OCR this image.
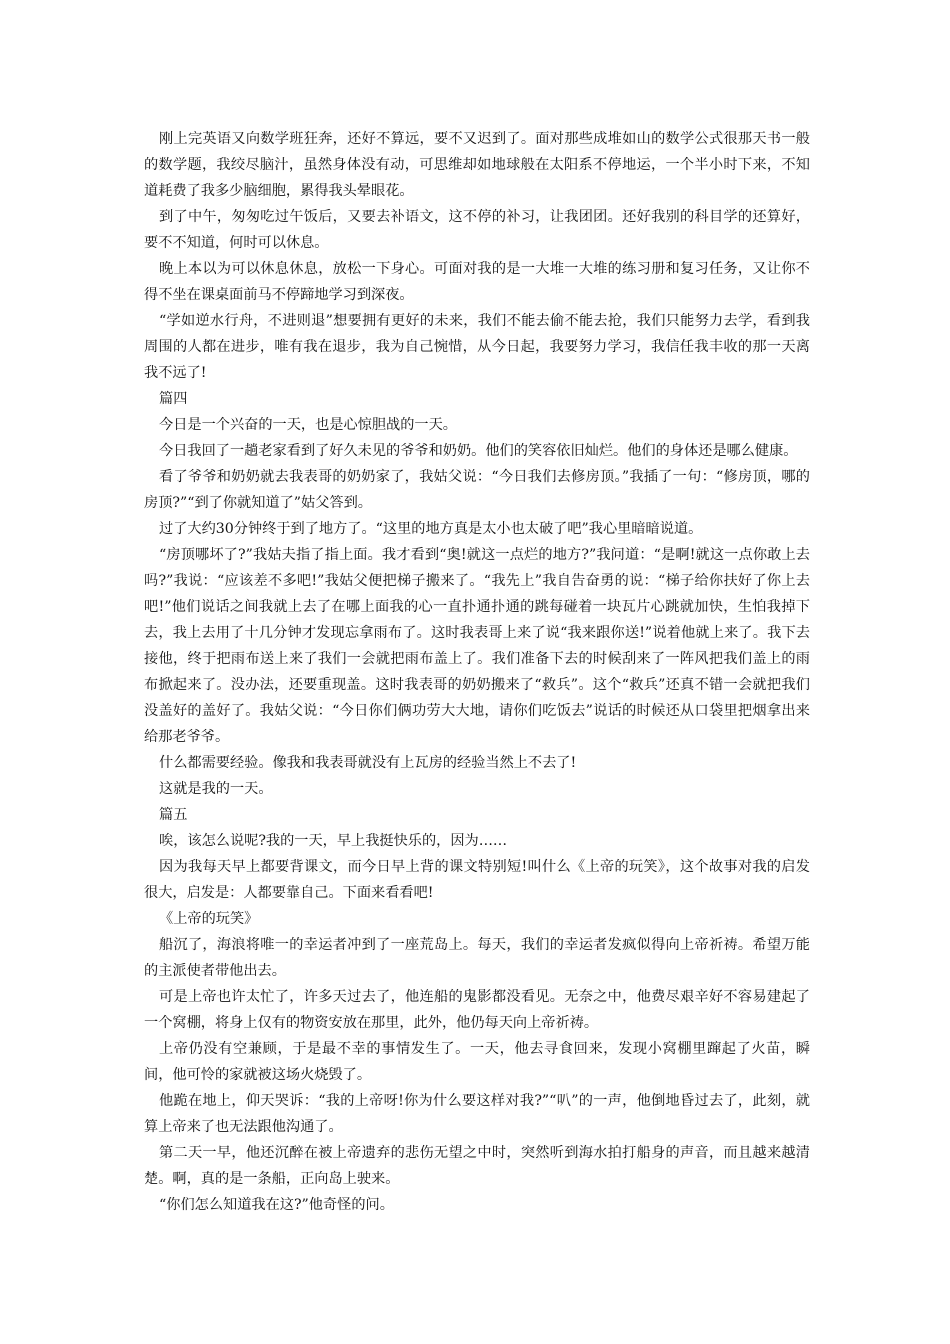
刚上完英语又向数学班狂奔，还好不算远，要不又迟到了。面对那些成堆如山的数学公式很那天书一般的数学题，我绞尽脑汁，虽然身体没有动，可思维却如地球般在太阳系不停地运，一个半小时下来，不知道耗费了我多少脑细胞，累得我头晕眼花。

到了中午，匆匆吃过午饭后，又要去补语文，这不停的补习，让我团团。还好我别的科目学的还算好，要不不知道，何时可以休息。

晚上本以为可以休息休息，放松一下身心。可面对我的是一大堆一大堆的练习册和复习任务，又让你不得不坐在课桌面前马不停蹄地学习到深夜。

“学如逆水行舟，不进则退”想要拥有更好的未来，我们不能去偷不能去抢，我们只能努力去学，看到我周围的人都在进步，唯有我在退步，我为自己惋惜，从今日起，我要努力学习，我信任我丰收的那一天离我不远了!

篇四

今日是一个兴奋的一天，也是心惊胆战的一天。

今日我回了一趟老家看到了好久未见的爷爷和奶奶。他们的笑容依旧灿烂。他们的身体还是哪么健康。

看了爷爷和奶奶就去我表哥的奶奶家了，我姑父说：“今日我们去修房顶。”我插了一句：“修房顶，哪的房顶?”“到了你就知道了”姑父答到。

过了大约30分钟终于到了地方了。“这里的地方真是太小也太破了吧”我心里暗暗说道。

“房顶哪坏了?”我姑夫指了指上面。我才看到“奥!就这一点烂的地方?”我问道：“是啊!就这一点你敢上去吗?”我说：“应该差不多吧!”我姑父便把梯子搬来了。“我先上”我自告奋勇的说：“梯子给你扶好了你上去吧!”他们说话之间我就上去了在哪上面我的心一直扑通扑通的跳每碰着一块瓦片心跳就加快，生怕我掉下去，我上去用了十几分钟才发现忘拿雨布了。这时我表哥上来了说“我来跟你送!”说着他就上来了。我下去接他，终于把雨布送上来了我们一会就把雨布盖上了。我们准备下去的时候刮来了一阵风把我们盖上的雨布掀起来了。没办法，还要重现盖。这时我表哥的奶奶搬来了“救兵”。这个“救兵”还真不错一会就把我们没盖好的盖好了。我姑父说：“今日你们俩功劳大大地，请你们吃饭去”说话的时候还从口袋里把烟拿出来给那老爷爷。

什么都需要经验。像我和我表哥就没有上瓦房的经验当然上不去了!

这就是我的一天。

篇五

唉，该怎么说呢?我的一天，早上我挺快乐的，因为……

因为我每天早上都要背课文，而今日早上背的课文特别短!叫什么《上帝的玩笑》，这个故事对我的启发很大，启发是：人都要靠自己。下面来看看吧!

《上帝的玩笑》

船沉了，海浪将唯一的幸运者冲到了一座荒岛上。每天，我们的幸运者发疯似得向上帝祈祷。希望万能的主派使者带他出去。

可是上帝也许太忙了，许多天过去了，他连船的鬼影都没看见。无奈之中，他费尽艰辛好不容易建起了一个窝棚，将身上仅有的物资安放在那里，此外，他仍每天向上帝祈祷。

上帝仍没有空兼顾，于是最不幸的事情发生了。一天，他去寻食回来，发现小窝棚里蹿起了火苗，瞬间，他可怜的家就被这场火烧毁了。

他跪在地上，仰天哭诉：“我的上帝呀!你为什么要这样对我?”“叭”的一声，他倒地昏过去了，此刻，就算上帝来了也无法跟他沟通了。

第二天一早，他还沉醉在被上帝遗弃的悲伤无望之中时，突然听到海水拍打船身的声音，而且越来越清楚。啊，真的是一条船，正向岛上驶来。

“你们怎么知道我在这?”他奇怪的问。
